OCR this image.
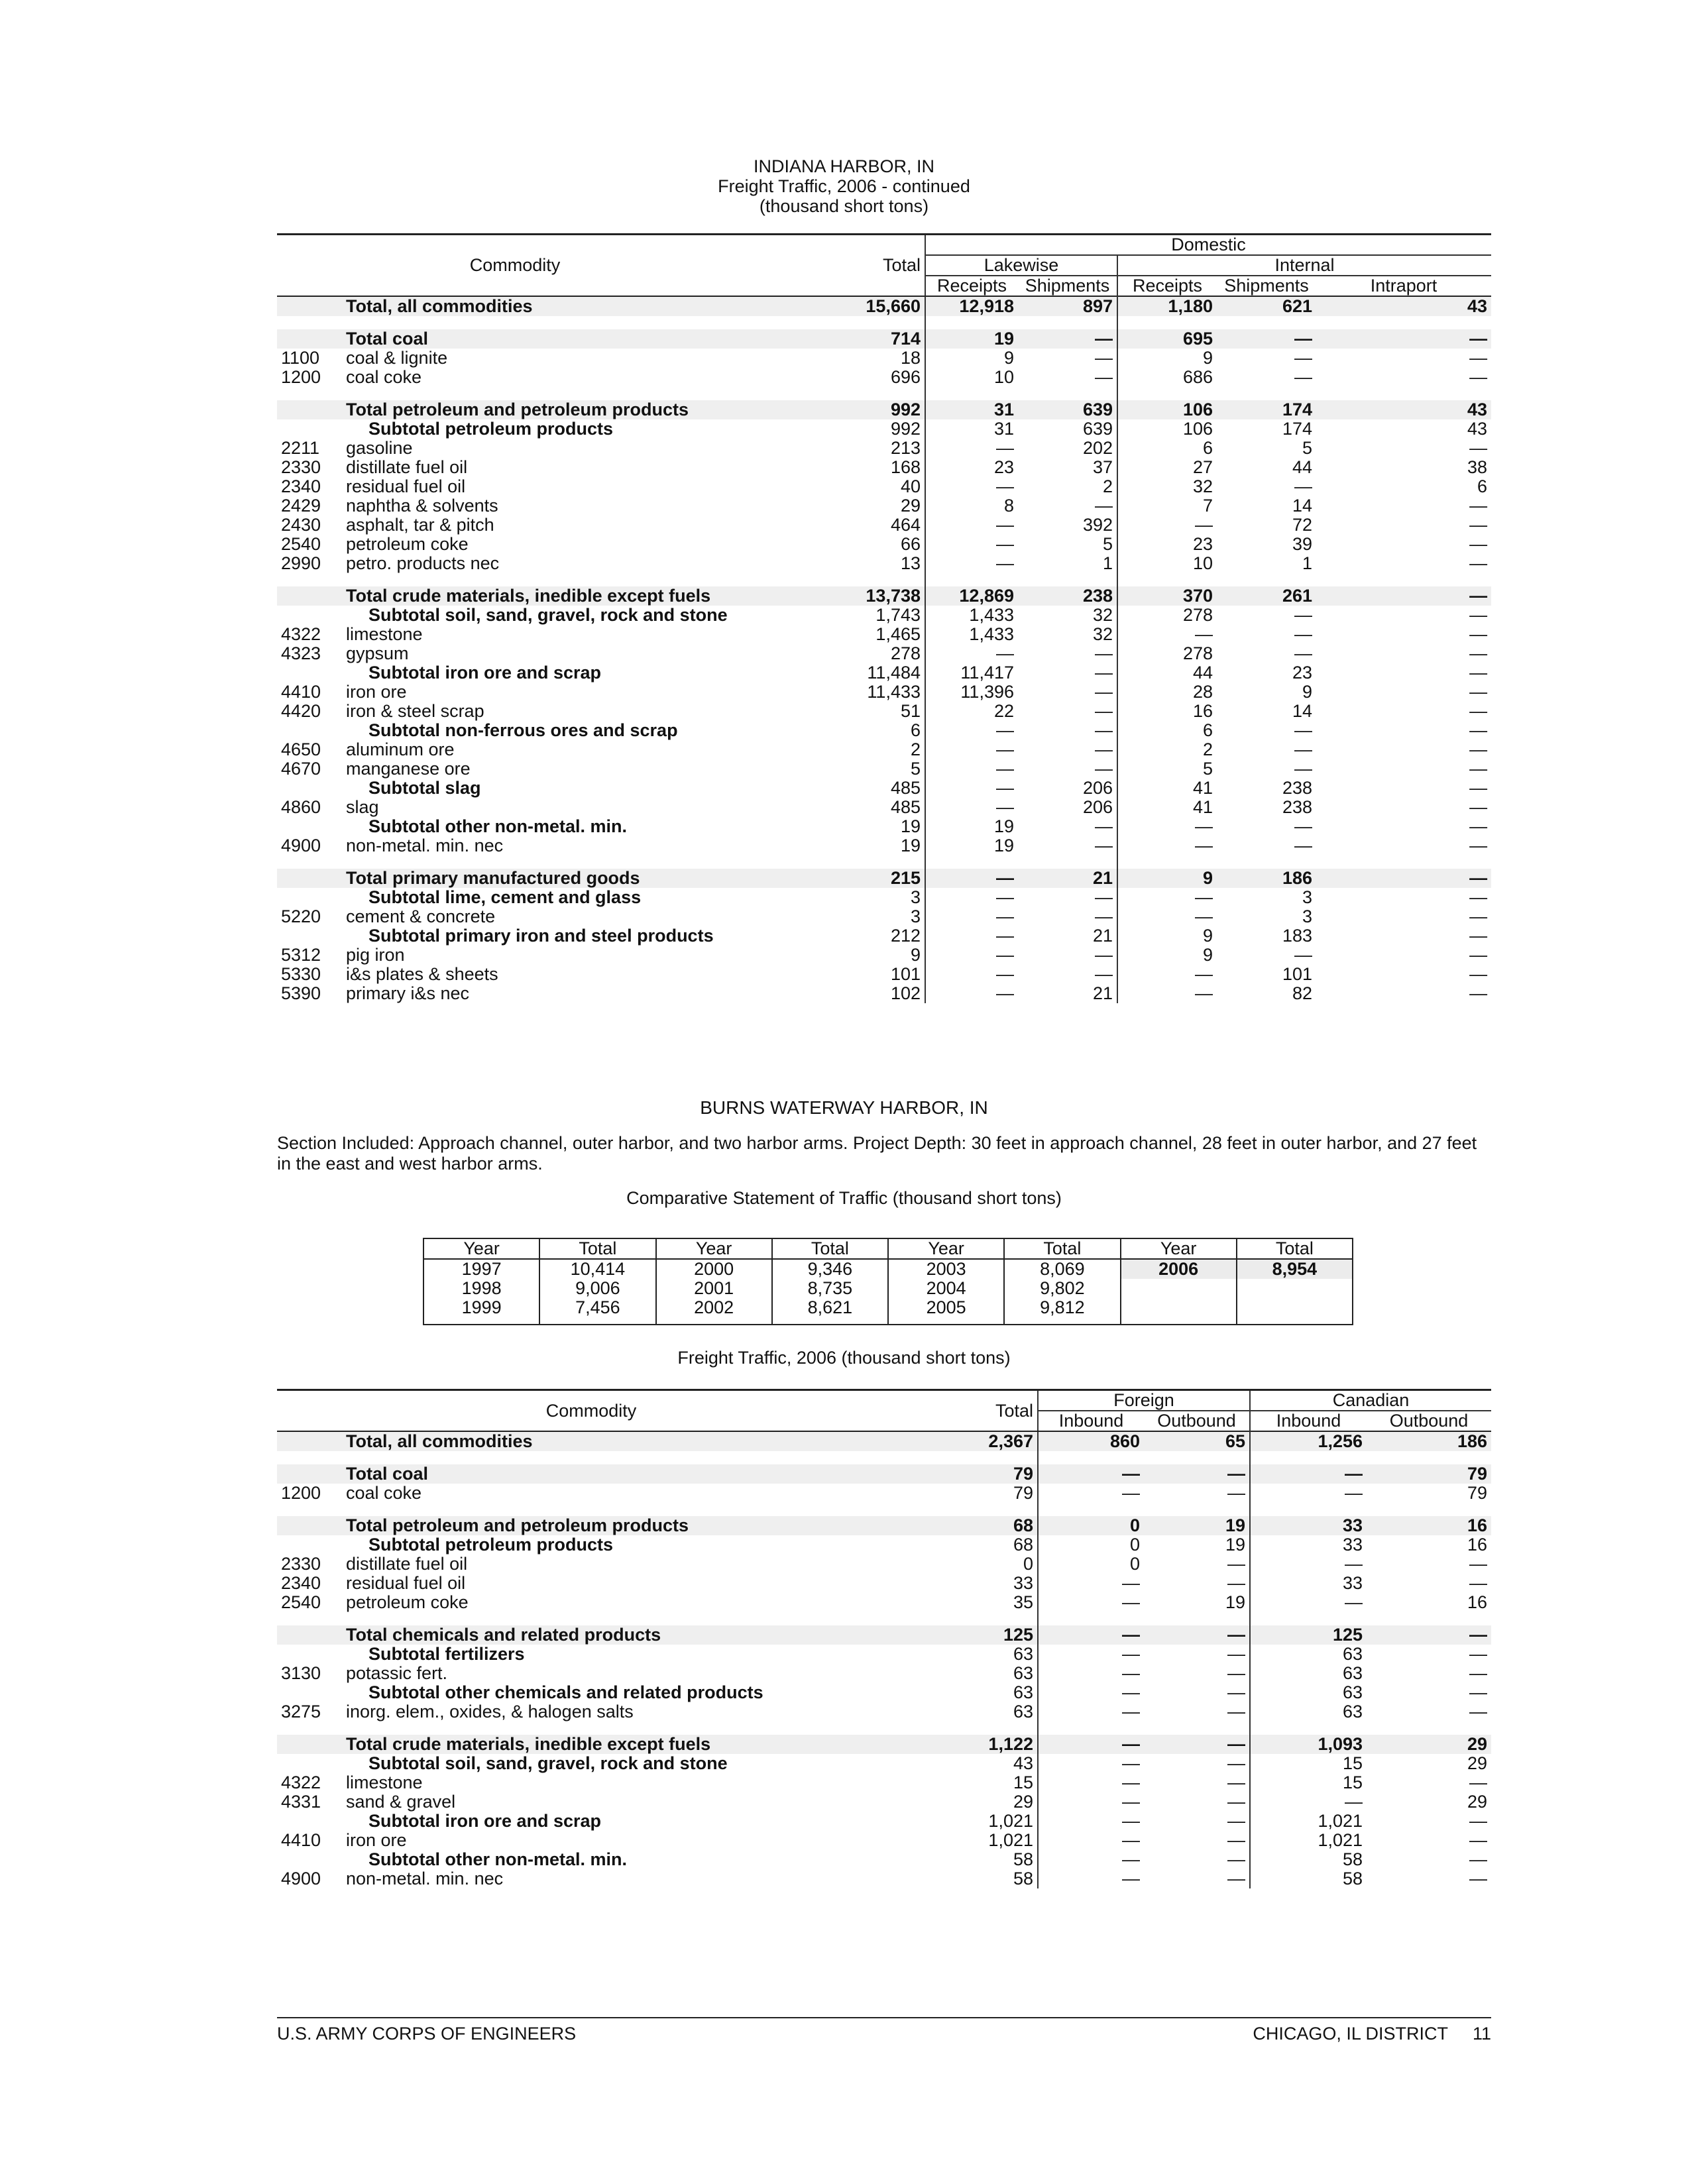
INDIANA HARBOR, IN
Freight Traffic, 2006 - continued
(thousand short tons)
Commodity		Total	Domestic				
			Lakewise		Internal		
			Receipts	Shipments	Receipts	Shipments	Intraport
	Total, all commodities	15,660	12,918	897	1,180	621	43

	Total coal	714	19	—	695	—	—
1100	coal & lignite	18	9	—	9	—	—
1200	coal coke	696	10	—	686	—	—

	Total petroleum and petroleum products	992	31	639	106	174	43
	Subtotal petroleum products	992	31	639	106	174	43
2211	gasoline	213	—	202	6	5	—
2330	distillate fuel oil	168	23	37	27	44	38
2340	residual fuel oil	40	—	2	32	—	6
2429	naphtha & solvents	29	8	—	7	14	—
2430	asphalt, tar & pitch	464	—	392	—	72	—
2540	petroleum coke	66	—	5	23	39	—
2990	petro. products nec	13	—	1	10	1	—

	Total crude materials, inedible except fuels	13,738	12,869	238	370	261	—
	Subtotal soil, sand, gravel, rock and stone	1,743	1,433	32	278	—	—
4322	limestone	1,465	1,433	32	—	—	—
4323	gypsum	278	—	—	278	—	—
	Subtotal iron ore and scrap	11,484	11,417	—	44	23	—
4410	iron ore	11,433	11,396	—	28	9	—
4420	iron & steel scrap	51	22	—	16	14	—
	Subtotal non-ferrous ores and scrap	6	—	—	6	—	—
4650	aluminum ore	2	—	—	2	—	—
4670	manganese ore	5	—	—	5	—	—
	Subtotal slag	485	—	206	41	238	—
4860	slag	485	—	206	41	238	—
	Subtotal other non-metal. min.	19	19	—	—	—	—
4900	non-metal. min. nec	19	19	—	—	—	—

	Total primary manufactured goods	215	—	21	9	186	—
	Subtotal lime, cement and glass	3	—	—	—	3	—
5220	cement & concrete	3	—	—	—	3	—
	Subtotal primary iron and steel products	212	—	21	9	183	—
5312	pig iron	9	—	—	9	—	—
5330	i&s plates & sheets	101	—	—	—	101	—
5390	primary i&s nec	102	—	21	—	82	—
BURNS WATERWAY HARBOR, IN
Section Included: Approach channel, outer harbor, and two harbor arms. Project Depth: 30 feet in approach channel, 28 feet in outer harbor, and 27 feet in the east and west harbor arms.
Comparative Statement of Traffic (thousand short tons)
Year	Total	Year	Total	Year	Total	Year	Total
1997	10,414	2000	9,346	2003	8,069	2006	8,954
1998	9,006	2001	8,735	2004	9,802		
1999	7,456	2002	8,621	2005	9,812		

Freight Traffic, 2006 (thousand short tons)
Commodity		Total	Foreign		Canadian	
			Inbound	Outbound	Inbound	Outbound
	Total, all commodities	2,367	860	65	1,256	186

	Total coal	79	—	—	—	79
1200	coal coke	79	—	—	—	79

	Total petroleum and petroleum products	68	0	19	33	16
	Subtotal petroleum products	68	0	19	33	16
2330	distillate fuel oil	0	0	—	—	—
2340	residual fuel oil	33	—	—	33	—
2540	petroleum coke	35	—	19	—	16

	Total chemicals and related products	125	—	—	125	—
	Subtotal fertilizers	63	—	—	63	—
3130	potassic fert.	63	—	—	63	—
	Subtotal other chemicals and related products	63	—	—	63	—
3275	inorg. elem., oxides, & halogen salts	63	—	—	63	—

	Total crude materials, inedible except fuels	1,122	—	—	1,093	29
	Subtotal soil, sand, gravel, rock and stone	43	—	—	15	29
4322	limestone	15	—	—	15	—
4331	sand & gravel	29	—	—	—	29
	Subtotal iron ore and scrap	1,021	—	—	1,021	—
4410	iron ore	1,021	—	—	1,021	—
	Subtotal other non-metal. min.	58	—	—	58	—
4900	non-metal. min. nec	58	—	—	58	—
U.S. ARMY CORPS OF ENGINEERS	CHICAGO, IL DISTRICT     11
